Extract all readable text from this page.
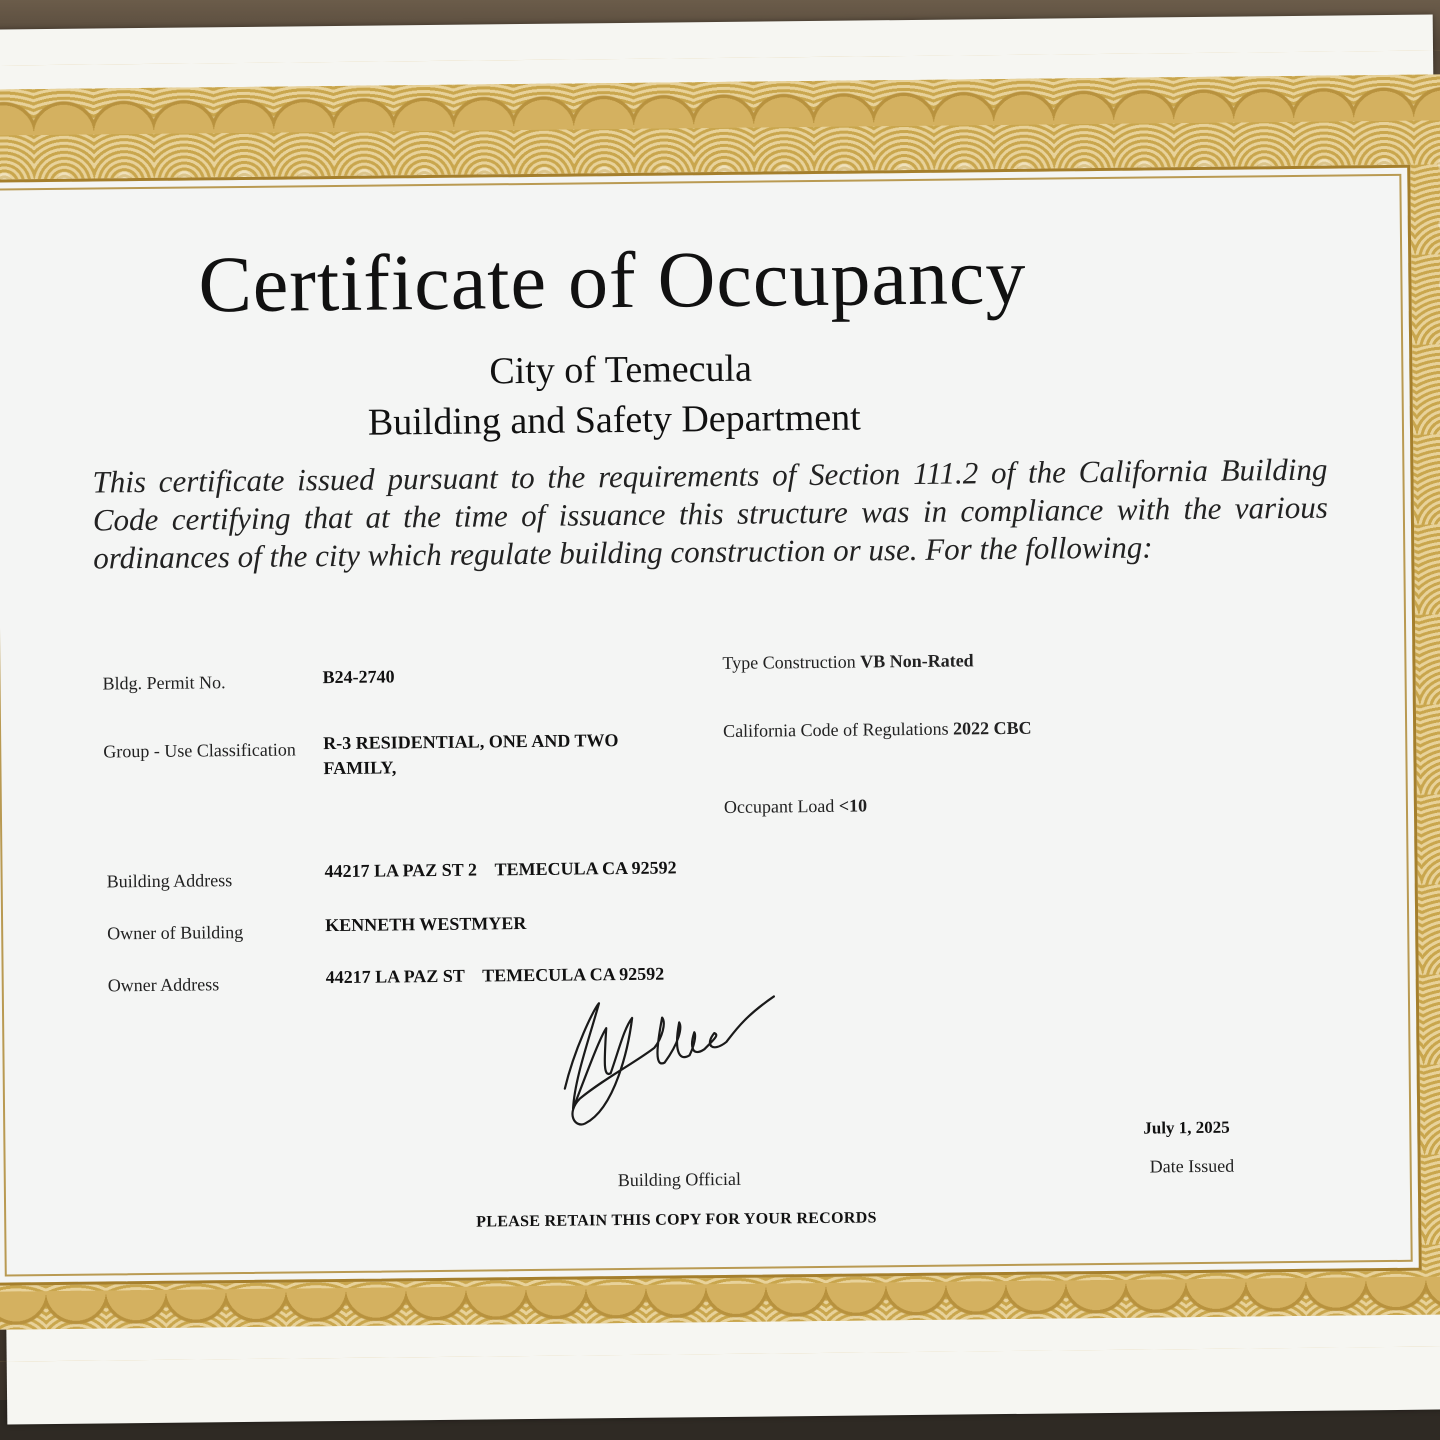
Certificate of Occupancy
City of Temecula
Building and Safety Department
This certificate issued pursuant to the requirements of Section 111.2 of the California Building Code certifying that at the time of issuance this structure was in compliance with the various ordinances of the city which regulate building construction or use. For the following:
Bldg. Permit No.	B24-2740
Group - Use Classification R-3 RESIDENTIAL, ONE AND TWO FAMILY,
Type Construction VB Non-Rated
California Code of Regulations 2022 CBC
Occupant Load <10
Building Address	44217 LA PAZ ST 2    TEMECULA CA 92592
Owner of Building	KENNETH WESTMYER
Owner Address	44217 LA PAZ ST    TEMECULA CA 92592
July 1, 2025
Date Issued
Building Official
PLEASE RETAIN THIS COPY FOR YOUR RECORDS
